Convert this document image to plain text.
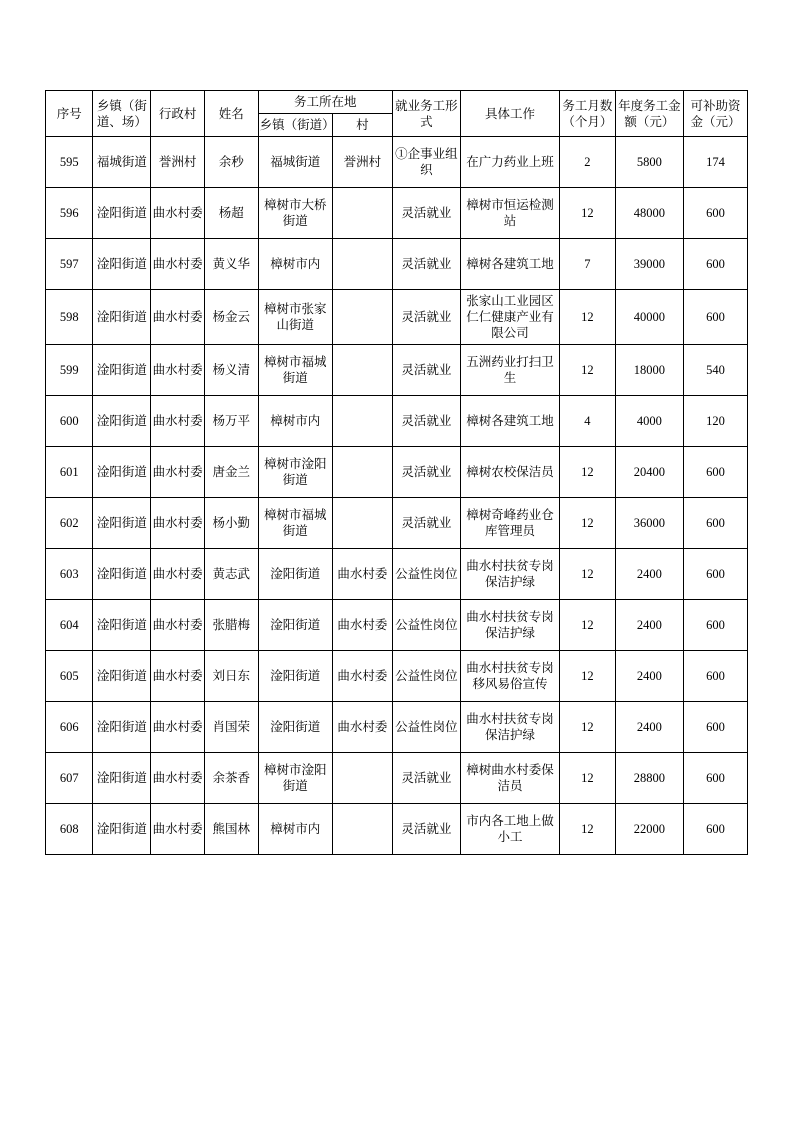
序号	乡镇（街道、场）	行政村	姓名	务工所在地		就业务工形式	具体工作	务工月数（个月）	年度务工金额（元）	可补助资金（元）
				乡镇（街道）	村					
595	福城街道	誉洲村	余秒	福城街道	誉洲村	①企事业组织	在广力药业上班	2	5800	174
596	淦阳街道	曲水村委	杨超	樟树市大桥街道		灵活就业	樟树市恒运检测站	12	48000	600
597	淦阳街道	曲水村委	黄义华	樟树市内		灵活就业	樟树各建筑工地	7	39000	600
598	淦阳街道	曲水村委	杨金云	樟树市张家山街道		灵活就业	张家山工业园区仁仁健康产业有限公司	12	40000	600
599	淦阳街道	曲水村委	杨义清	樟树市福城街道		灵活就业	五洲药业打扫卫生	12	18000	540
600	淦阳街道	曲水村委	杨万平	樟树市内		灵活就业	樟树各建筑工地	4	4000	120
601	淦阳街道	曲水村委	唐金兰	樟树市淦阳街道		灵活就业	樟树农校保洁员	12	20400	600
602	淦阳街道	曲水村委	杨小勤	樟树市福城街道		灵活就业	樟树奇峰药业仓库管理员	12	36000	600
603	淦阳街道	曲水村委	黄志武	淦阳街道	曲水村委	公益性岗位	曲水村扶贫专岗保洁护绿	12	2400	600
604	淦阳街道	曲水村委	张腊梅	淦阳街道	曲水村委	公益性岗位	曲水村扶贫专岗保洁护绿	12	2400	600
605	淦阳街道	曲水村委	刘日东	淦阳街道	曲水村委	公益性岗位	曲水村扶贫专岗移风易俗宣传	12	2400	600
606	淦阳街道	曲水村委	肖国荣	淦阳街道	曲水村委	公益性岗位	曲水村扶贫专岗保洁护绿	12	2400	600
607	淦阳街道	曲水村委	余茶香	樟树市淦阳街道		灵活就业	樟树曲水村委保洁员	12	28800	600
608	淦阳街道	曲水村委	熊国林	樟树市内		灵活就业	市内各工地上做小工	12	22000	600
